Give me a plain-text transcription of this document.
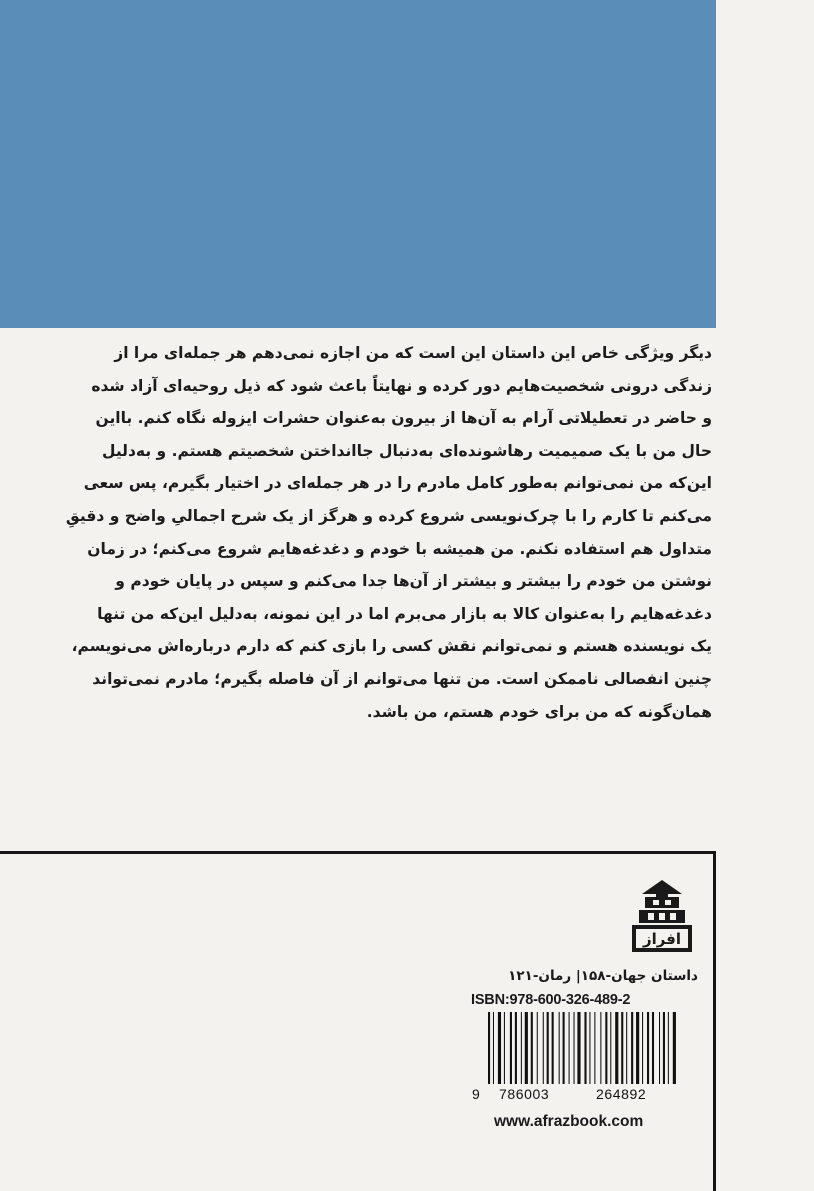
دیگر ویژگی خاص این داستان این است که من اجازه نمی‌دهم هر جمله‌ای مرا از
زندگی درونی شخصیت‌هایم دور کرده و نهایتاً باعث شود که ذیل روحیه‌ای آزاد شده
و حاضر در تعطیلاتی آرام به آن‌ها از بیرون به‌عنوان حشرات ایزوله نگاه کنم. بااین
حال من با یک صمیمیت رهاشونده‌ای به‌دنبال جاانداختن شخصیتم هستم. و به‌دلیل
این‌که من نمی‌توانم به‌طور کامل مادرم را در هر جمله‌ای در اختیار بگیرم، پس سعی
می‌کنم تا کارم را با چرک‌نویسی شروع کرده و هرگز از یک شرح اجمالیِ واضح و دقیقِ
متداول هم استفاده نکنم. من همیشه با خودم و دغدغه‌هایم شروع می‌کنم؛ در زمان
نوشتن من خودم را بیشتر و بیشتر از آن‌ها جدا می‌کنم و سپس در پایان خودم و
دغدغه‌هایم را به‌عنوان کالا به بازار می‌برم اما در این نمونه، به‌دلیل این‌که من تنها
یک نویسنده هستم و نمی‌توانم نقش کسی را بازی کنم که دارم درباره‌اش می‌نویسم،
چنین انفصالی ناممکن است. من تنها می‌توانم از آن فاصله بگیرم؛ مادرم نمی‌تواند
همان‌گونه که من برای خودم هستم، من باشد.
افراز
داستان جهان-۱۵۸| رمان-۱۲۱
ISBN:978-600-326-489-2
9 786003	264892
www.afrazbook.com
